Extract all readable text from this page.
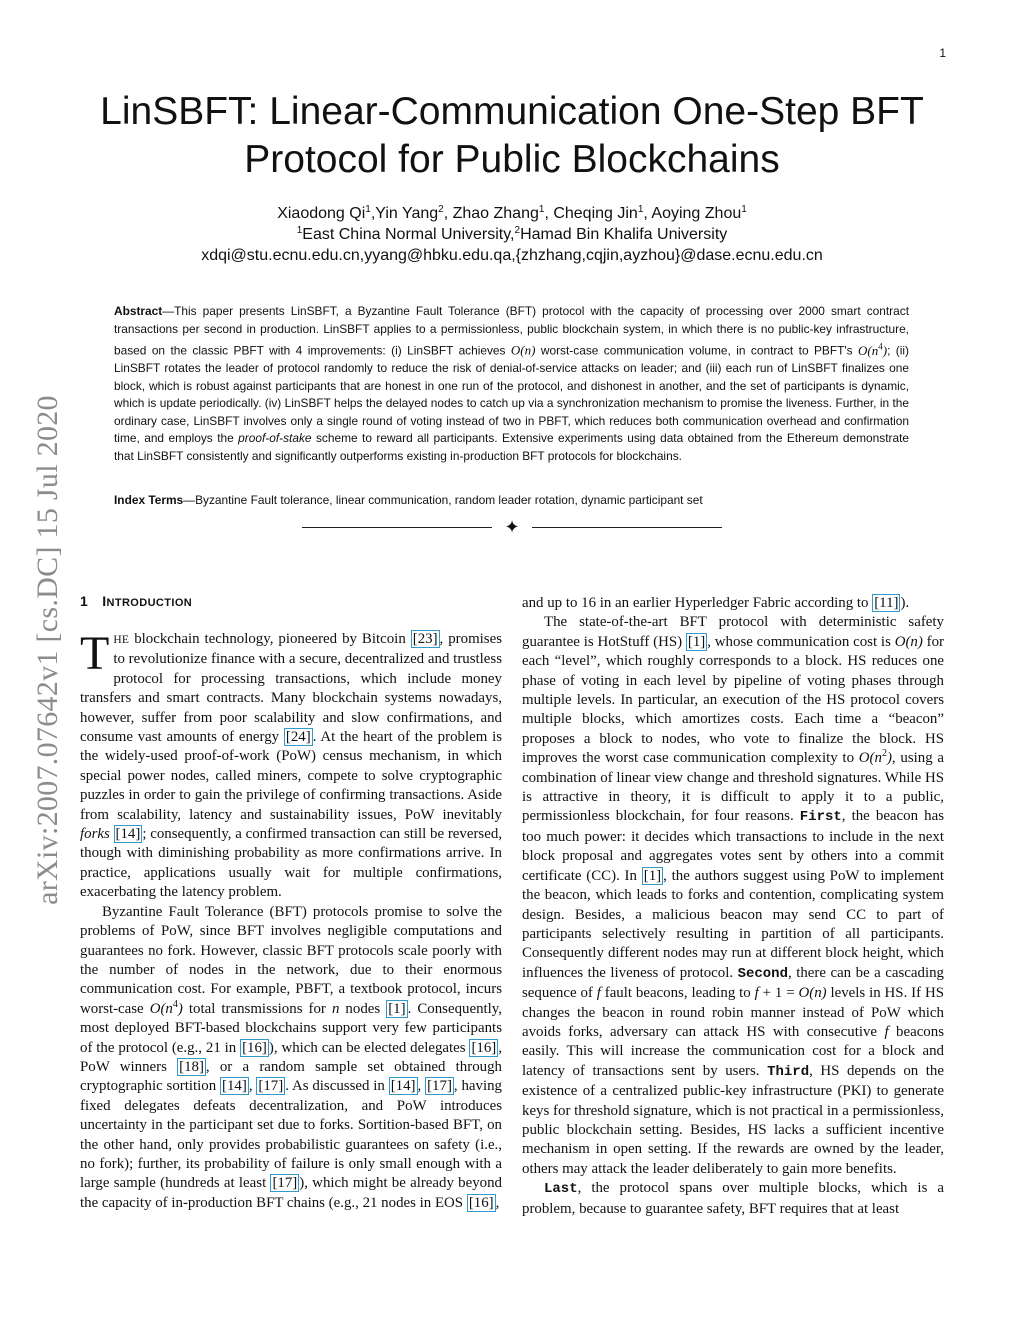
1
arXiv:2007.07642v1 [cs.DC] 15 Jul 2020
LinSBFT: Linear-Communication One-Step BFT
Protocol for Public Blockchains
Xiaodong Qi$^1$,Yin Yang$^2$, Zhao Zhang$^1$, Cheqing Jin$^1$, Aoying Zhou$^1$
$^1$East China Normal University,$^2$Hamad Bin Khalifa University
xdqi@stu.ecnu.edu.cn,yyang@hbku.edu.qa,{zhzhang,cqjin,ayzhou}@dase.ecnu.edu.cn

Abstract—This paper presents LinSBFT, a Byzantine Fault Tolerance (BFT) protocol with the capacity of processing over 2000 smart contract transactions per second in production. LinSBFT applies to a permissionless, public blockchain system, in which there is no public-key infrastructure, based on the classic PBFT with 4 improvements: (i) LinSBFT achieves O(n) worst-case communication volume, in contract to PBFT's $O(n^4)$; (ii) LinSBFT rotates the leader of protocol randomly to reduce the risk of denial-of-service attacks on leader; and (iii) each run of LinSBFT finalizes one block, which is robust against participants that are honest in one run of the protocol, and dishonest in another, and the set of participants is dynamic, which is update periodically. (iv) LinSBFT helps the delayed nodes to catch up via a synchronization mechanism to promise the liveness. Further, in the ordinary case, LinSBFT involves only a single round of voting instead of two in PBFT, which reduces both communication overhead and confirmation time, and employs the proof-of-stake scheme to reward all participants. Extensive experiments using data obtained from the Ethereum demonstrate that LinSBFT consistently and significantly outperforms existing in-production BFT protocols for blockchains.

Index Terms—Byzantine Fault tolerance, linear communication, random leader rotation, dynamic participant set

✦
1 INTRODUCTION

THE blockchain technology, pioneered by Bitcoin [23] , promises to revolutionize finance with a secure, decentralized and trustless protocol for processing transactions, which include money transfers and smart contracts. Many blockchain systems nowadays, however, suffer from poor scalability and slow confirmations, and consume vast amounts of energy [24] . At the heart of the problem is the widely-used proof-of-work (PoW) census mechanism, in which special power nodes, called miners, compete to solve cryptographic puzzles in order to gain the privilege of confirming transactions. Aside from scalability, latency and sustainability issues, PoW inevitably forks [14] ; consequently, a confirmed transaction can still be reversed, though with diminishing probability as more confirmations arrive. In practice, applications usually wait for multiple confirmations, exacerbating the latency problem.

Byzantine Fault Tolerance (BFT) protocols promise to solve the problems of PoW, since BFT involves negligible computations and guarantees no fork. However, classic BFT protocols scale poorly with the number of nodes in the network, due to their enormous communication cost. For example, PBFT, a textbook protocol, incurs worst-case $O(n^4)$ total transmissions for n nodes [1] . Consequently, most deployed BFT-based blockchains support very few participants of the protocol (e.g., 21 in [16] ), which can be elected delegates [16] , PoW winners [18] , or a random sample set obtained through cryptographic sortition [14] , [17] . As discussed in [14] , [17] , having fixed delegates defeats decentralization, and PoW introduces uncertainty in the participant set due to forks. Sortition-based BFT, on the other hand, only provides probabilistic guarantees on safety (i.e., no fork); further, its probability of failure is only small enough with a large sample (hundreds at least [17] ), which might be already beyond the capacity of in-production BFT chains (e.g., 21 nodes in EOS [16] ,

and up to 16 in an earlier Hyperledger Fabric according to [11] ).

The state-of-the-art BFT protocol with deterministic safety guarantee is HotStuff (HS) [1] , whose communication cost is O(n) for each “level”, which roughly corresponds to a block. HS reduces one phase of voting in each level by pipeline of voting phases through multiple levels. In particular, an execution of the HS protocol covers multiple blocks, which amortizes costs. Each time a “beacon” proposes a block to nodes, who vote to finalize the block. HS improves the worst case communication complexity to $O(n^2)$, using a combination of linear view change and threshold signatures. While HS is attractive in theory, it is difficult to apply it to a public, permissionless blockchain, for four reasons. First, the beacon has too much power: it decides which transactions to include in the next block proposal and aggregates votes sent by others into a commit certificate (CC). In [1] , the authors suggest using PoW to implement the beacon, which leads to forks and contention, complicating system design. Besides, a malicious beacon may send CC to part of participants selectively resulting in partition of all participants. Consequently different nodes may run at different block height, which influences the liveness of protocol. Second, there can be a cascading sequence of f fault beacons, leading to f + 1 = O(n) levels in HS. If HS changes the beacon in round robin manner instead of PoW which avoids forks, adversary can attack HS with consecutive f beacons easily. This will increase the communication cost for a block and latency of transactions sent by users. Third, HS depends on the existence of a centralized public-key infrastructure (PKI) to generate keys for threshold signature, which is not practical in a permissionless, public blockchain setting. Besides, HS lacks a sufficient incentive mechanism in open setting. If the rewards are owned by the leader, others may attack the leader deliberately to gain more benefits.

Last, the protocol spans over multiple blocks, which is a problem, because to guarantee safety, BFT requires that at least
